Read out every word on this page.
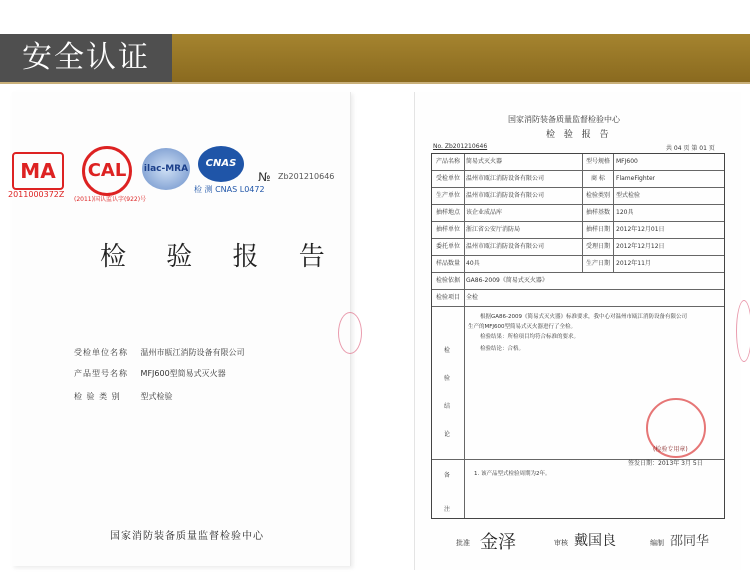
安全认证
MA
2011000372Z
CAL
(2011)国认监认字(922)号
ilac-MRA	CNAS
检 测 CNAS L0472
№ Zb201210646
检 验 报 告
受检单位名称 温州市瓯江消防设备有限公司
产品型号名称 MFJ600型简易式灭火器
检 验 类 别 型式检验
国家消防装备质量监督检验中心
国家消防装备质量监督检验中心
检 验 报 告
No. Zb201210646	共 04 页 第 01 页
产品名称	简易式灭火器	型号规格	MFJ600
受检单位	温州市瓯江消防设备有限公司	商 标	FlameFighter
生产单位	温州市瓯江消防设备有限公司	检验类别	型式检验
抽样地点	该企业成品库	抽样基数	120具
抽样单位	浙江省公安厅消防局	抽样日期	2012年12月01日
委托单位	温州市瓯江消防设备有限公司	受理日期	2012年12月12日
样品数量	40具	生产日期	2012年11月
检验依据	GA86-2009《简易式灭火器》
检验项目	全检
检
验
结
论
根据GA86-2009《简易式灭火器》标准要求，我中心对温州市瓯江消防设备有限公司
生产的MFJ600型简易式灭火器进行了全检。
检验结果：所检项目均符合标准的要求。
检验结论：合格。
备
注
1. 该产品型式检验周期为2年。
(检验专用章)
签发日期：2013年 3月 5日
批准 金泽	审核 戴国良	编制 邵同华
